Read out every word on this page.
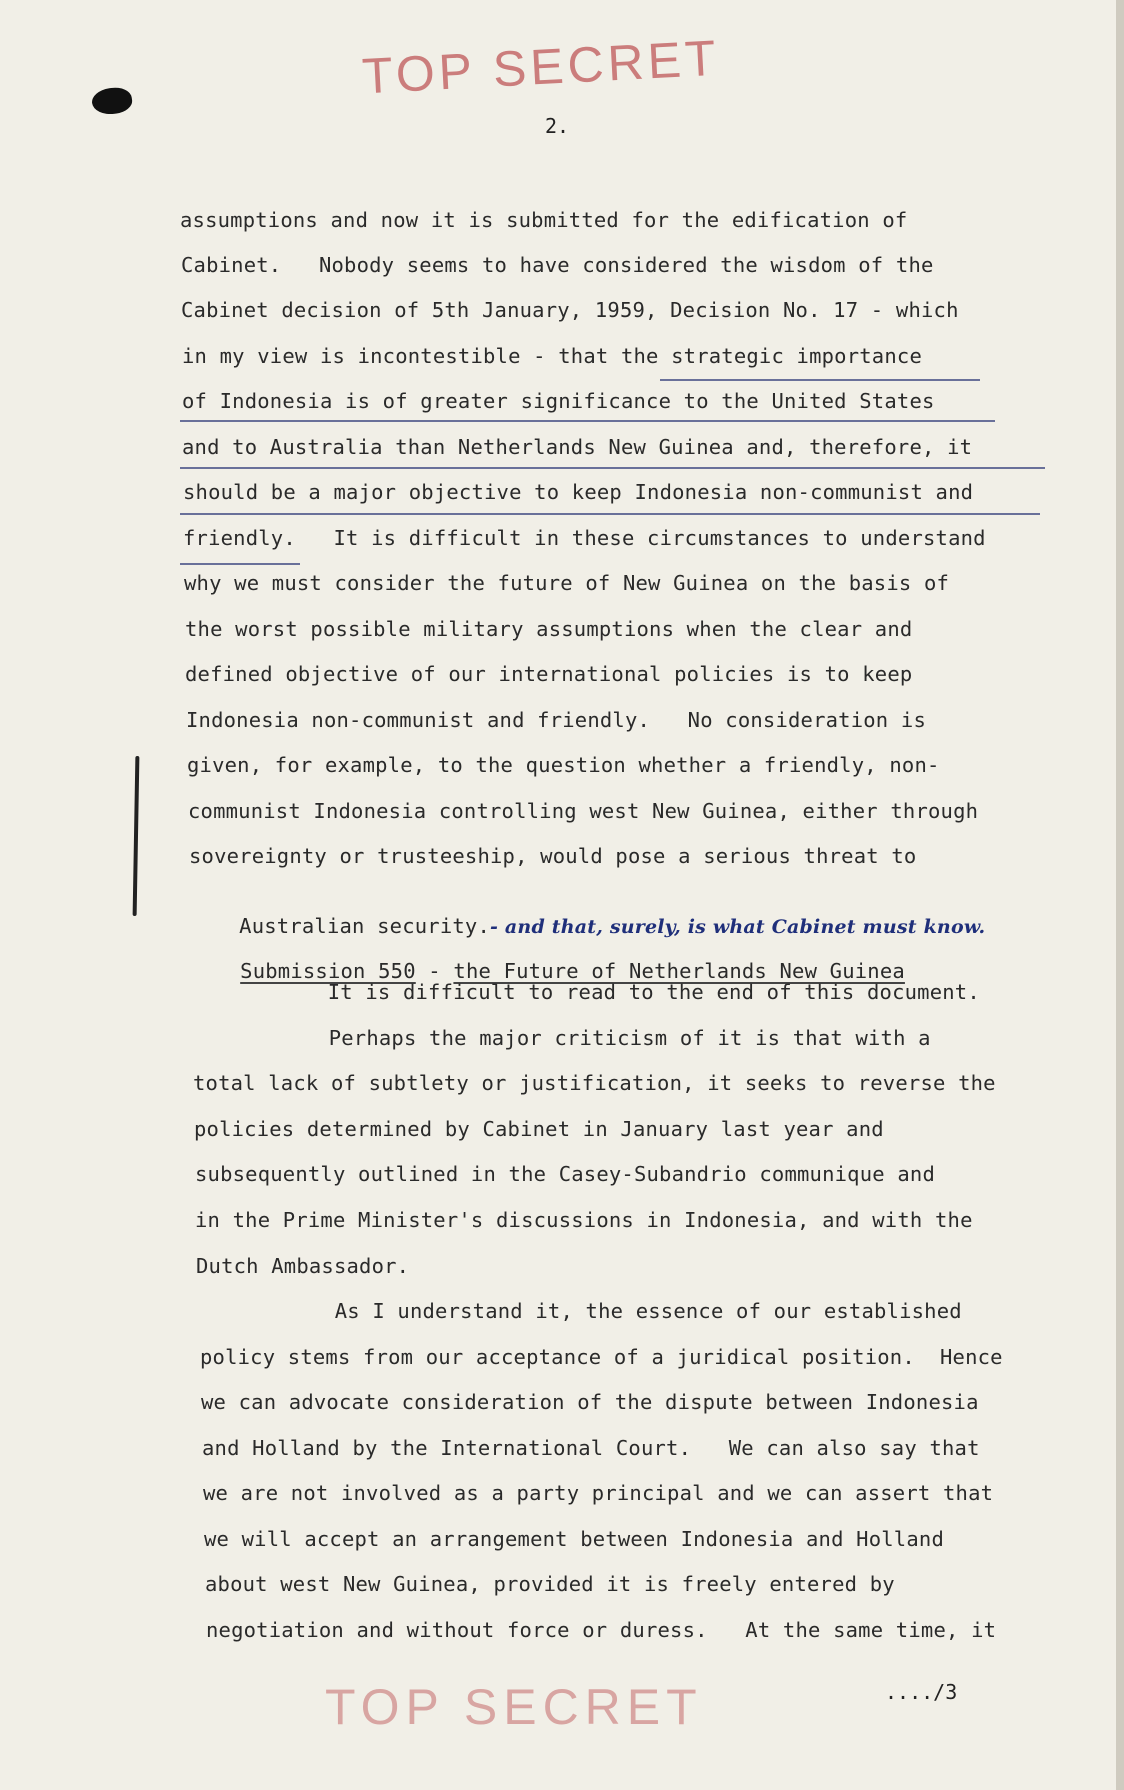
TOP SECRET
2.
assumptions and now it is submitted for the edification of
Cabinet.   Nobody seems to have considered the wisdom of the
Cabinet decision of 5th January, 1959, Decision No. 17 - which
in my view is incontestible - that the strategic importance
of Indonesia is of greater significance to the United States
and to Australia than Netherlands New Guinea and, therefore, it
should be a major objective to keep Indonesia non-communist and
friendly.   It is difficult in these circumstances to understand
why we must consider the future of New Guinea on the basis of
the worst possible military assumptions when the clear and
defined objective of our international policies is to keep
Indonesia non-communist and friendly.   No consideration is
given, for example, to the question whether a friendly, non-
communist Indonesia controlling west New Guinea, either through
sovereignty or trusteeship, would pose a serious threat to

Australian security.- and that, surely, is what Cabinet must know.

Submission 550 - the Future of Netherlands New Guinea

It is difficult to read to the end of this document.
Perhaps the major criticism of it is that with a
total lack of subtlety or justification, it seeks to reverse the
policies determined by Cabinet in January last year and
subsequently outlined in the Casey-Subandrio communique and
in the Prime Minister's discussions in Indonesia, and with the
Dutch Ambassador.
As I understand it, the essence of our established
policy stems from our acceptance of a juridical position.  Hence
we can advocate consideration of the dispute between Indonesia
and Holland by the International Court.   We can also say that
we are not involved as a party principal and we can assert that
we will accept an arrangement between Indonesia and Holland
about west New Guinea, provided it is freely entered by
negotiation and without force or duress.   At the same time, it
TOP SECRET	..../3
